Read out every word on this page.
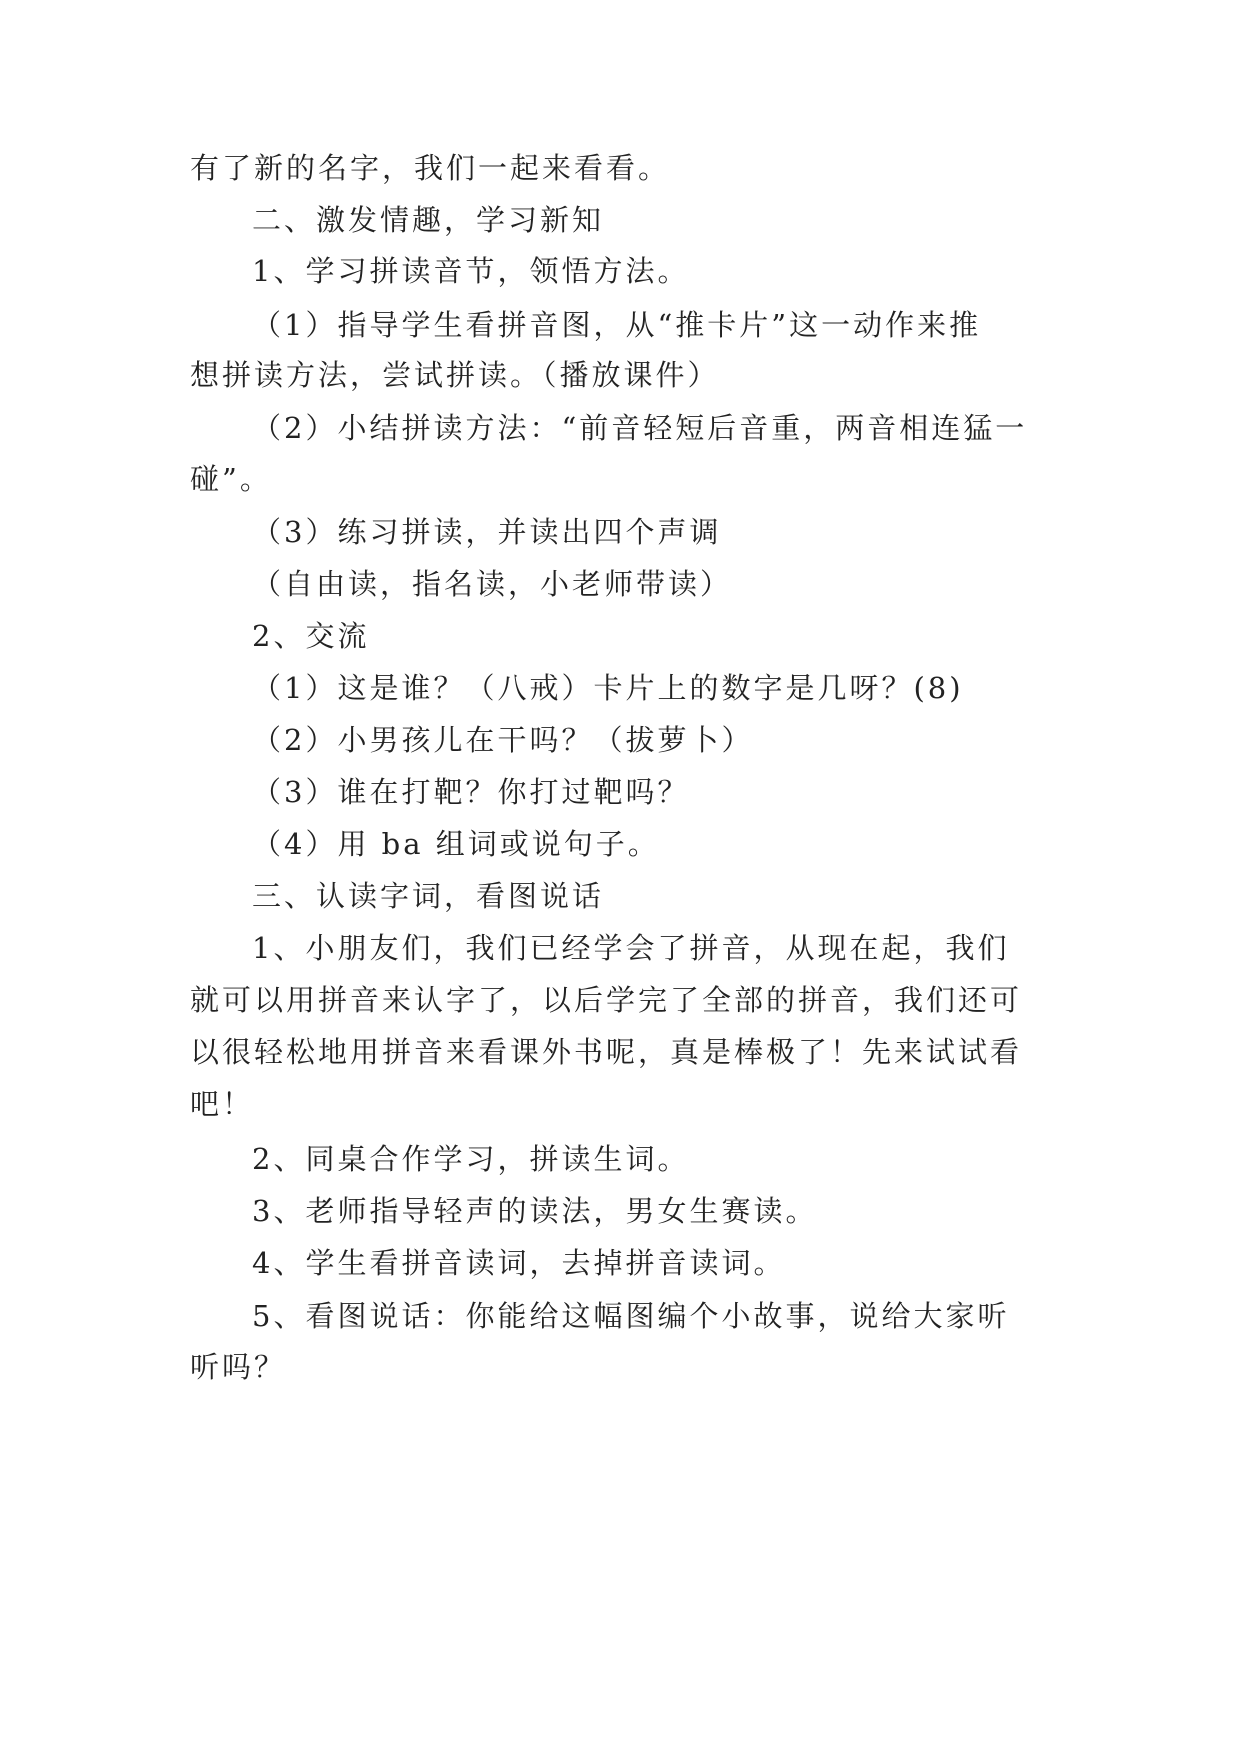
有了新的名字，我们一起来看看。
二、激发情趣，学习新知
1、学习拼读音节，领悟方法。
（1）指导学生看拼音图，从“推卡片”这一动作来推
想拼读方法，尝试拼读。（播放课件）
（2）小结拼读方法：“前音轻短后音重，两音相连猛一
碰”。
（3）练习拼读，并读出四个声调
（自由读，指名读，小老师带读）
2、交流
（1）这是谁？（八戒）卡片上的数字是几呀？(8)
（2）小男孩儿在干吗？（拔萝卜）
（3）谁在打靶？你打过靶吗？
（4）用 ba 组词或说句子。
三、认读字词，看图说话
1、小朋友们，我们已经学会了拼音，从现在起，我们
就可以用拼音来认字了，以后学完了全部的拼音，我们还可
以很轻松地用拼音来看课外书呢，真是棒极了！先来试试看
吧！
2、同桌合作学习，拼读生词。
3、老师指导轻声的读法，男女生赛读。
4、学生看拼音读词，去掉拼音读词。
5、看图说话：你能给这幅图编个小故事，说给大家听
听吗？
